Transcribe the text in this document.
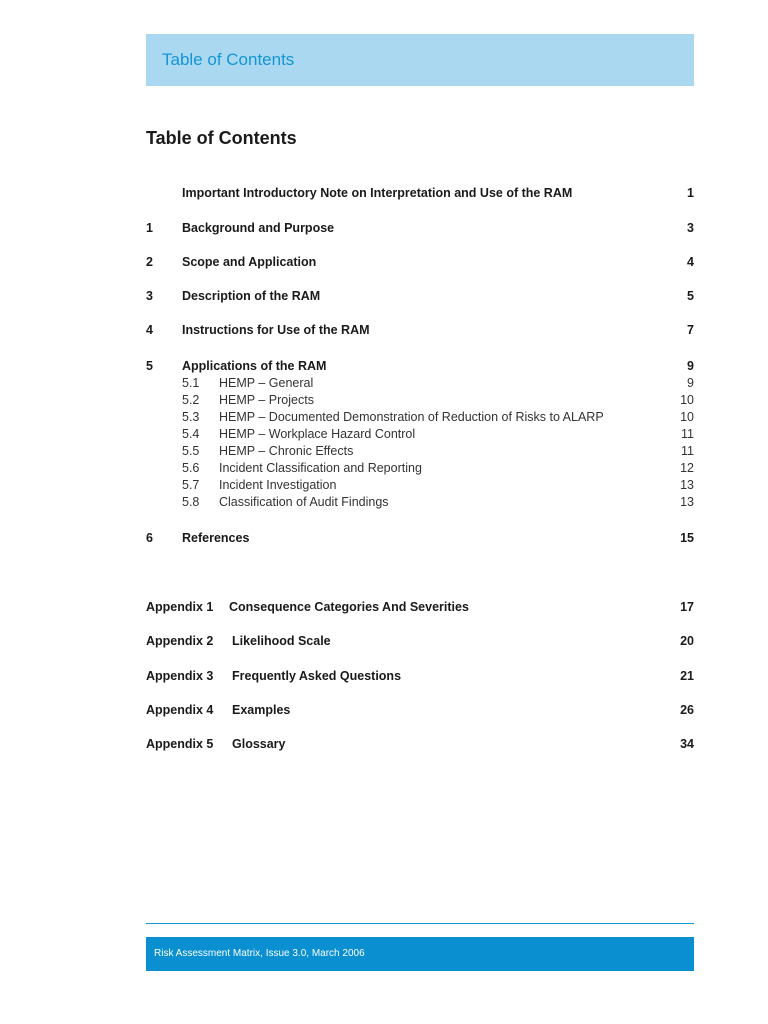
Table of Contents
Table of Contents
Important Introductory Note on Interpretation and Use of the RAM	1
1 Background and Purpose	3
2 Scope and Application	4
3 Description of the RAM	5
4 Instructions for Use of the RAM	7
5 Applications of the RAM	9
5.1 HEMP – General	9
5.2 HEMP – Projects	10
5.3 HEMP – Documented Demonstration of Reduction of Risks to ALARP	10
5.4 HEMP – Workplace Hazard Control	11
5.5 HEMP – Chronic Effects	11
5.6 Incident Classification and Reporting	12
5.7 Incident Investigation	13
5.8 Classification of Audit Findings	13
6 References	15
Appendix 1 Consequence Categories And Severities	17
Appendix 2 Likelihood Scale	20
Appendix 3 Frequently Asked Questions	21
Appendix 4 Examples	26
Appendix 5 Glossary	34
Risk Assessment Matrix, Issue 3.0, March 2006
